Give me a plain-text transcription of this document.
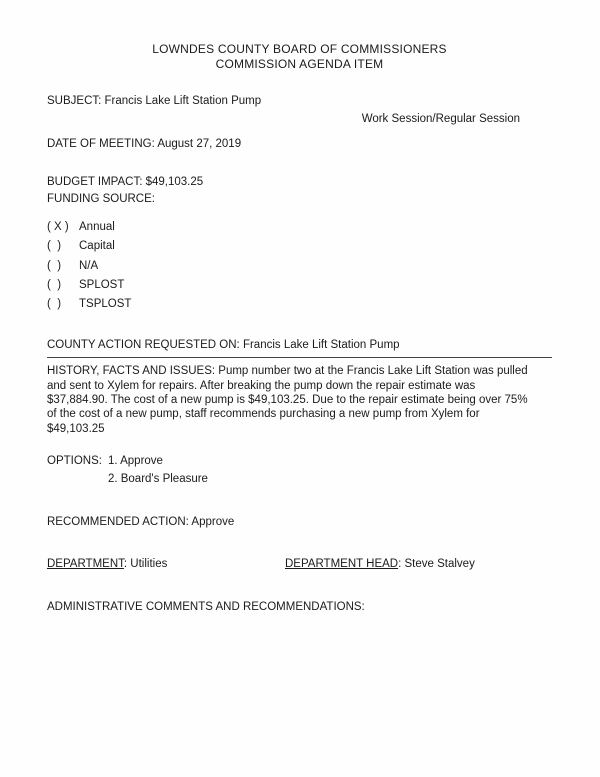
LOWNDES COUNTY BOARD OF COMMISSIONERS
COMMISSION AGENDA ITEM
SUBJECT: Francis Lake Lift Station Pump
Work Session/Regular Session
DATE OF MEETING: August 27, 2019
BUDGET IMPACT: $49,103.25
FUNDING SOURCE:
( X ) Annual
(  )	Capital
(  )	N/A
(  )	SPLOST
(  )	TSPLOST
COUNTY ACTION REQUESTED ON: Francis Lake Lift Station Pump

HISTORY, FACTS AND ISSUES: Pump number two at the Francis Lake Lift Station was pulled and sent to Xylem for repairs. After breaking the pump down the repair estimate was $37,884.90. The cost of a new pump is $49,103.25. Due to the repair estimate being over 75% of the cost of a new pump, staff recommends purchasing a new pump from Xylem for $49,103.25

OPTIONS: 1. Approve
2. Board's Pleasure
RECOMMENDED ACTION: Approve
DEPARTMENT: Utilities	DEPARTMENT HEAD: Steve Stalvey
ADMINISTRATIVE COMMENTS AND RECOMMENDATIONS:
